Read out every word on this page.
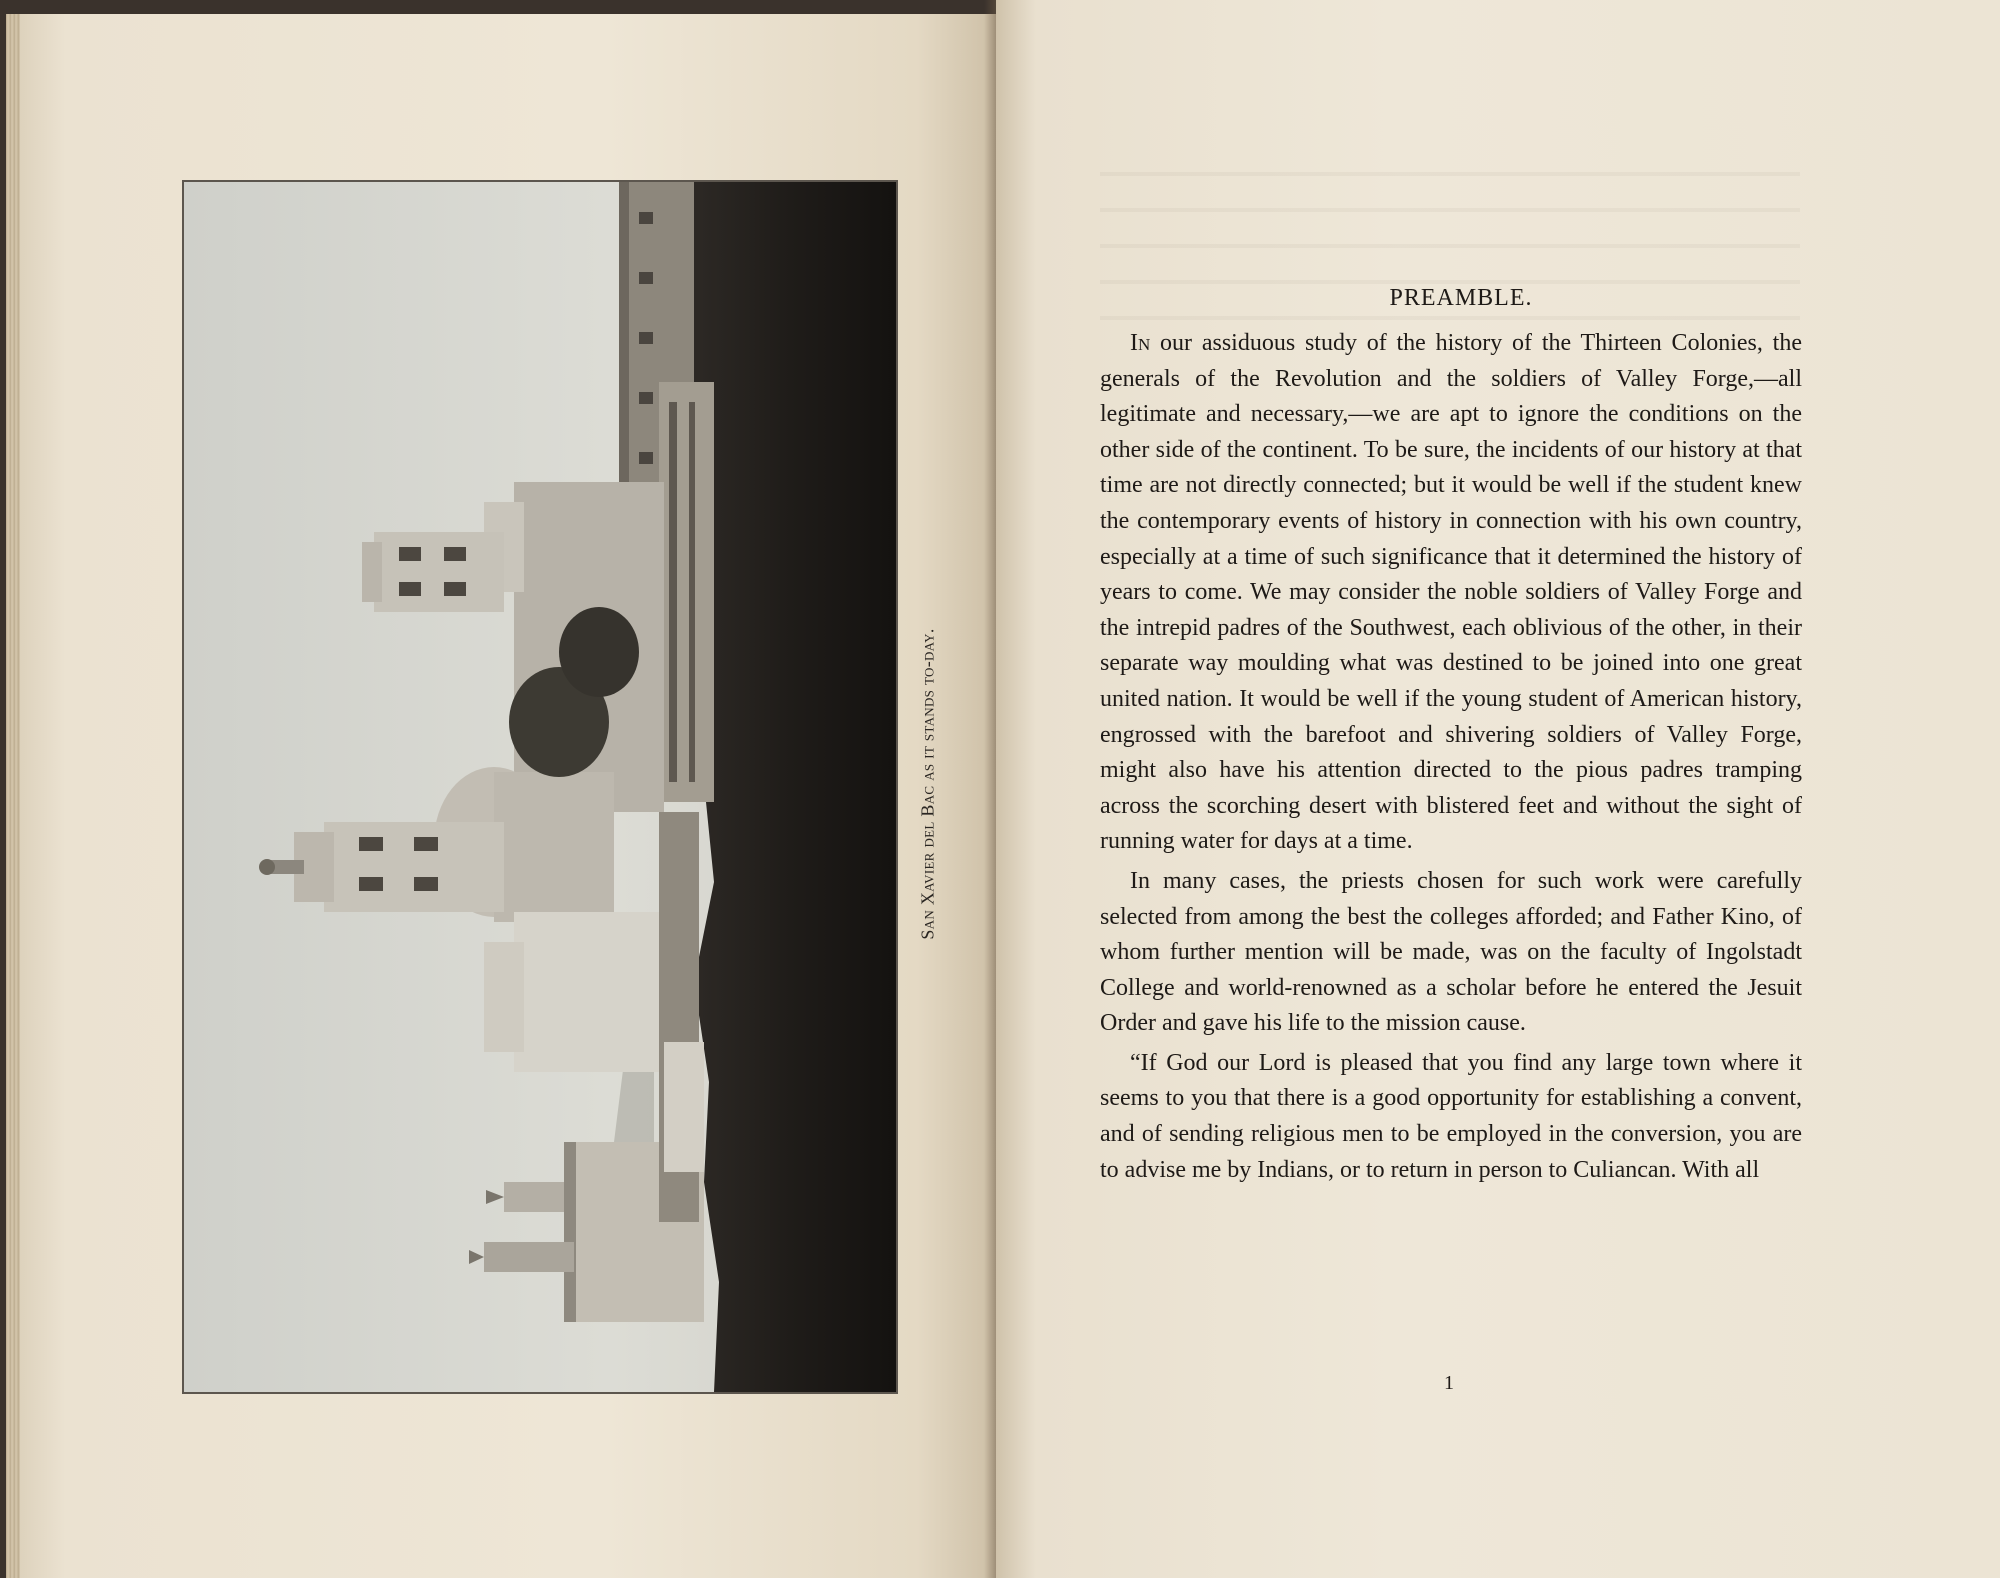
San Xavier del Bac as it stands to-day.
PREAMBLE.

In our assiduous study of the history of the Thirteen Colonies, the generals of the Revolution and the soldiers of Valley Forge,—all legitimate and necessary,—we are apt to ignore the conditions on the other side of the continent. To be sure, the incidents of our history at that time are not directly connected; but it would be well if the student knew the contemporary events of history in connection with his own country, especially at a time of such significance that it determined the history of years to come. We may consider the noble soldiers of Valley Forge and the intrepid padres of the Southwest, each oblivious of the other, in their separate way moulding what was destined to be joined into one great united nation. It would be well if the young student of American history, engrossed with the barefoot and shivering soldiers of Valley Forge, might also have his attention directed to the pious padres tramping across the scorching desert with blistered feet and without the sight of running water for days at a time.

In many cases, the priests chosen for such work were carefully selected from among the best the colleges afforded; and Father Kino, of whom further mention will be made, was on the faculty of Ingolstadt College and world-renowned as a scholar before he entered the Jesuit Order and gave his life to the mission cause.

“If God our Lord is pleased that you find any large town where it seems to you that there is a good opportunity for establishing a convent, and of sending religious men to be employed in the conversion, you are to advise me by Indians, or to return in person to Culiancan. With all

1
